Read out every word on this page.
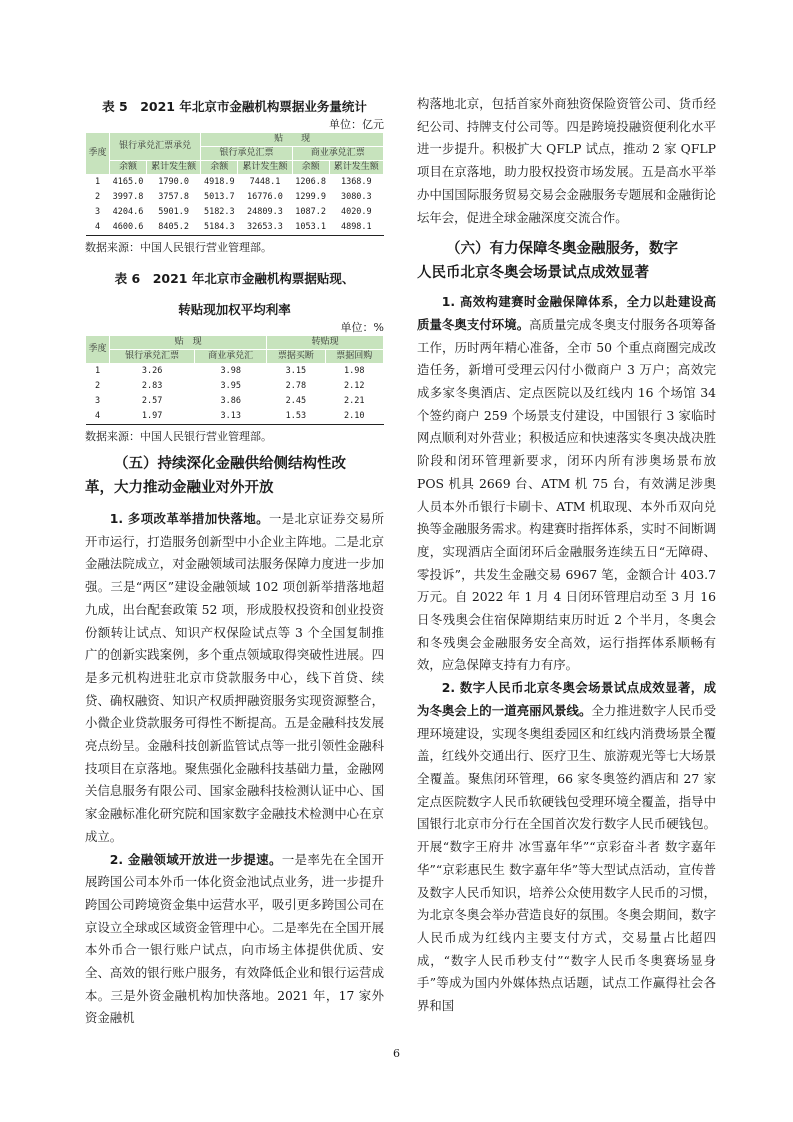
表 5　2021 年北京市金融机构票据业务量统计
单位：亿元
季度	银行承兑汇票承兑		贴　　现			
			银行承兑汇票		商业承兑汇票	
	余额	累计发生额	余额	累计发生额	余额	累计发生额
1	4165.0	1790.0	4918.9	7448.1	1206.8	1368.9
2	3997.8	3757.8	5013.7	16776.0	1299.9	3080.3
3	4204.6	5901.9	5182.3	24809.3	1087.2	4020.9
4	4600.6	8405.2	5184.3	32653.3	1053.1	4898.1
数据来源：中国人民银行营业管理部。
表 6　2021 年北京市金融机构票据贴现、
转贴现加权平均利率
单位：%
季度	贴　现		转贴现	
	银行承兑汇票	商业承兑汇	票据买断	票据回购
1	3.26	3.98	3.15	1.98
2	2.83	3.95	2.78	2.12
3	2.57	3.86	2.45	2.21
4	1.97	3.13	1.53	2.10
数据来源：中国人民银行营业管理部。
（五）持续深化金融供给侧结构性改
革，大力推动金融业对外开放

1. 多项改革举措加快落地。一是北京证券交易所开市运行，打造服务创新型中小企业主阵地。二是北京金融法院成立，对金融领域司法服务保障力度进一步加强。三是“两区”建设金融领域 102 项创新举措落地超九成，出台配套政策 52 项，形成股权投资和创业投资份额转让试点、知识产权保险试点等 3 个全国复制推广的创新实践案例，多个重点领域取得突破性进展。四是多元机构进驻北京市贷款服务中心，线下首贷、续贷、确权融资、知识产权质押融资服务实现资源整合，小微企业贷款服务可得性不断提高。五是金融科技发展亮点纷呈。金融科技创新监管试点等一批引领性金融科技项目在京落地。聚焦强化金融科技基础力量，金融网关信息服务有限公司、国家金融科技检测认证中心、国家金融标准化研究院和国家数字金融技术检测中心在京成立。

2. 金融领域开放进一步提速。一是率先在全国开展跨国公司本外币一体化资金池试点业务，进一步提升跨国公司跨境资金集中运营水平，吸引更多跨国公司在京设立全球或区域资金管理中心。二是率先在全国开展本外币合一银行账户试点，向市场主体提供优质、安全、高效的银行账户服务，有效降低企业和银行运营成本。三是外资金融机构加快落地。2021 年，17 家外资金融机

构落地北京，包括首家外商独资保险资管公司、货币经纪公司、持牌支付公司等。四是跨境投融资便利化水平进一步提升。积极扩大 QFLP 试点，推动 2 家 QFLP 项目在京落地，助力股权投资市场发展。五是高水平举办中国国际服务贸易交易会金融服务专题展和金融街论坛年会，促进全球金融深度交流合作。

（六）有力保障冬奥金融服务，数字
人民币北京冬奥会场景试点成效显著

1. 高效构建赛时金融保障体系，全力以赴建设高质量冬奥支付环境。高质量完成冬奥支付服务各项筹备工作，历时两年精心准备，全市 50 个重点商圈完成改造任务，新增可受理云闪付小微商户 3 万户；高效完成多家冬奥酒店、定点医院以及红线内 16 个场馆 34 个签约商户 259 个场景支付建设，中国银行 3 家临时网点顺利对外营业；积极适应和快速落实冬奥决战决胜阶段和闭环管理新要求，闭环内所有涉奥场景布放 POS 机具 2669 台、ATM 机 75 台，有效满足涉奥人员本外币银行卡刷卡、ATM 机取现、本外币双向兑换等金融服务需求。构建赛时指挥体系，实时不间断调度，实现酒店全面闭环后金融服务连续五日“无障碍、零投诉”，共发生金融交易 6967 笔，金额合计 403.7 万元。自 2022 年 1 月 4 日闭环管理启动至 3 月 16 日冬残奥会住宿保障期结束历时近 2 个半月，冬奥会和冬残奥会金融服务安全高效，运行指挥体系顺畅有效，应急保障支持有力有序。

2. 数字人民币北京冬奥会场景试点成效显著，成为冬奥会上的一道亮丽风景线。全力推进数字人民币受理环境建设，实现冬奥组委园区和红线内消费场景全覆盖，红线外交通出行、医疗卫生、旅游观光等七大场景全覆盖。聚焦闭环管理，66 家冬奥签约酒店和 27 家定点医院数字人民币软硬钱包受理环境全覆盖，指导中国银行北京市分行在全国首次发行数字人民币硬钱包。开展“数字王府井 冰雪嘉年华”“京彩奋斗者 数字嘉年华”“京彩惠民生 数字嘉年华”等大型试点活动，宣传普及数字人民币知识，培养公众使用数字人民币的习惯，为北京冬奥会举办营造良好的氛围。冬奥会期间，数字人民币成为红线内主要支付方式，交易量占比超四成，“数字人民币秒支付”“数字人民币冬奥赛场显身手”等成为国内外媒体热点话题，试点工作赢得社会各界和国

6
